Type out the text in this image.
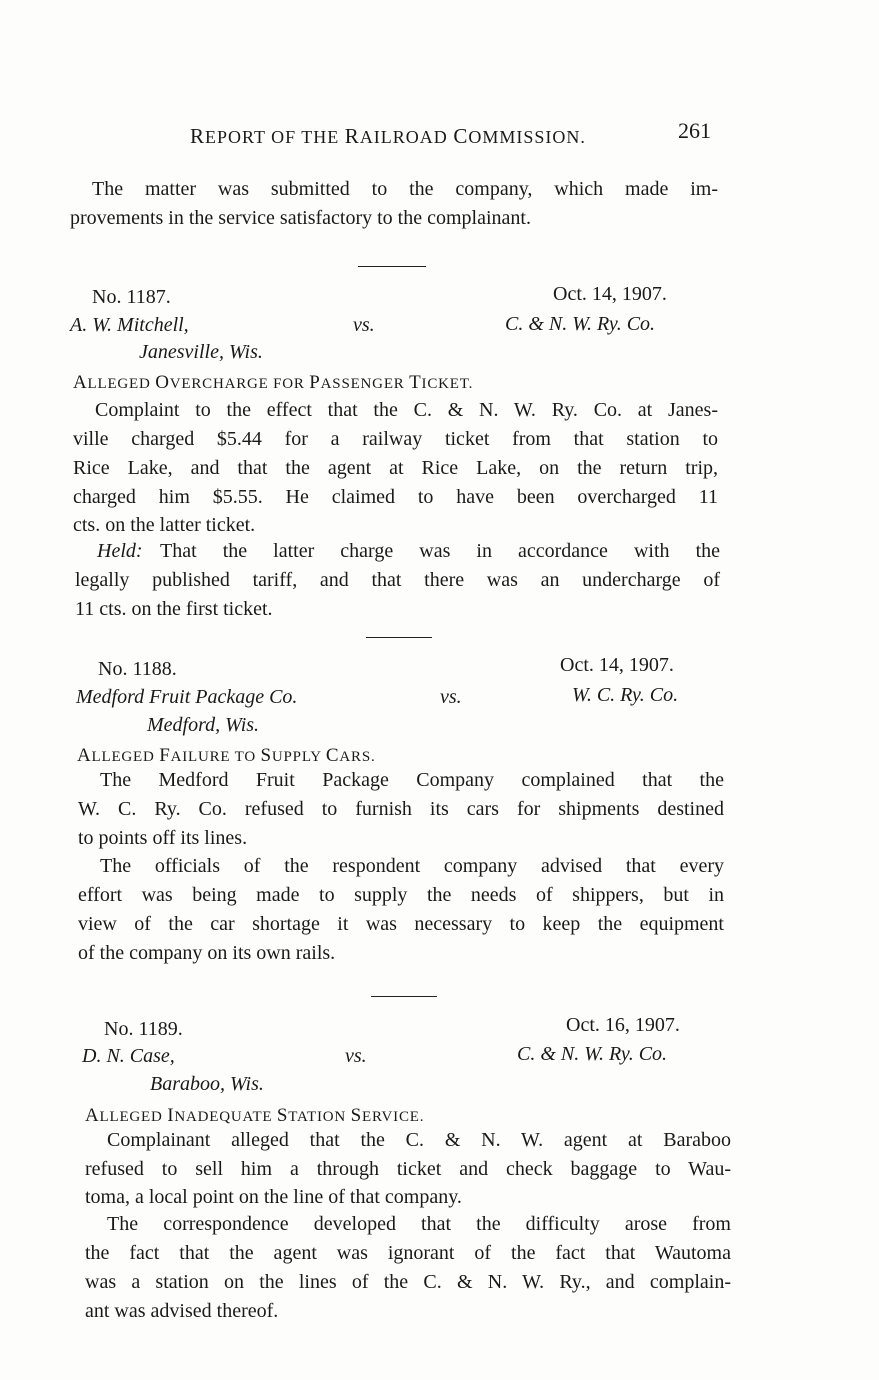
REPORT OF THE RAILROAD COMMISSION.	261
The matter was submitted to the company, which made im-
provements in the service satisfactory to the complainant.
No. 1187.	Oct. 14, 1907.
A. W. Mitchell,	vs.	C. & N. W. Ry. Co.
Janesville, Wis.
ALLEGED OVERCHARGE FOR PASSENGER TICKET.
Complaint to the effect that the C. & N. W. Ry. Co. at Janes-
ville charged $5.44 for a railway ticket from that station to
Rice Lake, and that the agent at Rice Lake, on the return trip,
charged him $5.55. He claimed to have been overcharged 11
cts. on the latter ticket.
Held: That the latter charge was in accordance with the
legally published tariff, and that there was an undercharge of
11 cts. on the first ticket.
No. 1188.	Oct. 14, 1907.
Medford Fruit Package Co.	vs.	W. C. Ry. Co.
Medford, Wis.
ALLEGED FAILURE TO SUPPLY CARS.
The Medford Fruit Package Company complained that the
W. C. Ry. Co. refused to furnish its cars for shipments destined
to points off its lines.
The officials of the respondent company advised that every
effort was being made to supply the needs of shippers, but in
view of the car shortage it was necessary to keep the equipment
of the company on its own rails.
No. 1189.	Oct. 16, 1907.
D. N. Case,	vs.	C. & N. W. Ry. Co.
Baraboo, Wis.
ALLEGED INADEQUATE STATION SERVICE.
Complainant alleged that the C. & N. W. agent at Baraboo
refused to sell him a through ticket and check baggage to Wau-
toma, a local point on the line of that company.
The correspondence developed that the difficulty arose from
the fact that the agent was ignorant of the fact that Wautoma
was a station on the lines of the C. & N. W. Ry., and complain-
ant was advised thereof.
